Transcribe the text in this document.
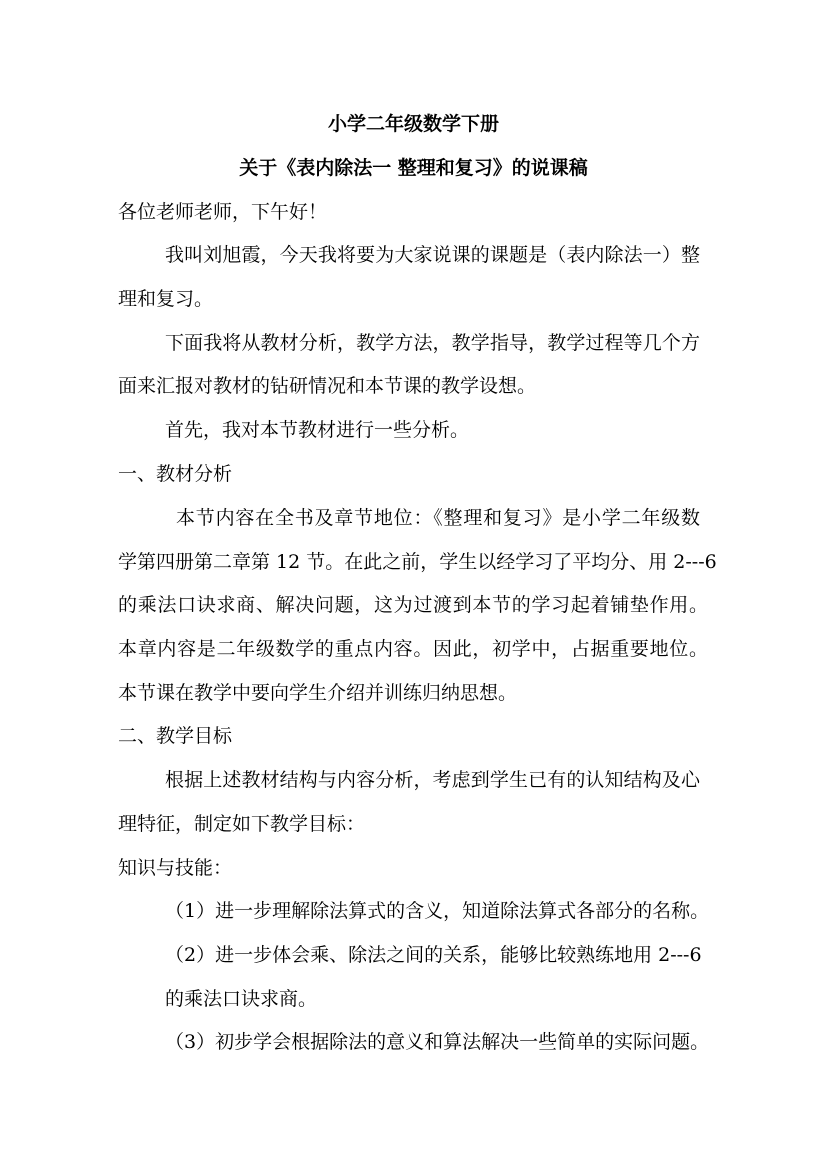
小学二年级数学下册
关于《表内除法一 整理和复习》的说课稿
各位老师老师，下午好！
我叫刘旭霞，今天我将要为大家说课的课题是（表内除法一）整
理和复习。
下面我将从教材分析，教学方法，教学指导，教学过程等几个方
面来汇报对教材的钻研情况和本节课的教学设想。
首先，我对本节教材进行一些分析。
一、教材分析
本节内容在全书及章节地位：《整理和复习》是小学二年级数
学第四册第二章第 12 节。在此之前，学生以经学习了平均分、用 2---6
的乘法口诀求商、解决问题，这为过渡到本节的学习起着铺垫作用。
本章内容是二年级数学的重点内容。因此，初学中，占据重要地位。
本节课在教学中要向学生介绍并训练归纳思想。
二、教学目标
根据上述教材结构与内容分析，考虑到学生已有的认知结构及心
理特征，制定如下教学目标：
知识与技能：
（1）进一步理解除法算式的含义，知道除法算式各部分的名称。
（2）进一步体会乘、除法之间的关系，能够比较熟练地用 2---6
的乘法口诀求商。
（3）初步学会根据除法的意义和算法解决一些简单的实际问题。
